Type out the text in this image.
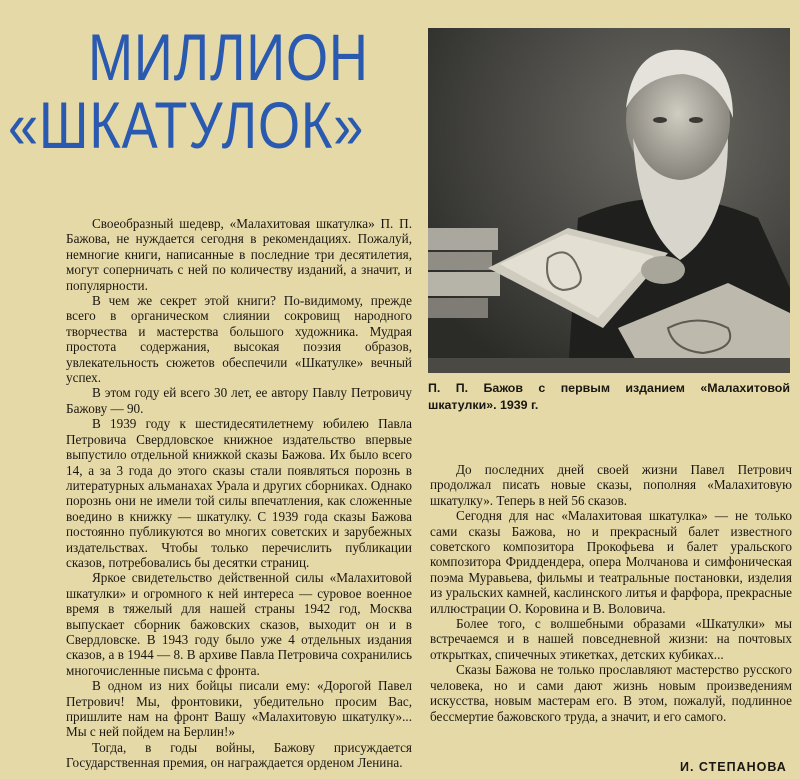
МИЛЛИОН
«ШКАТУЛОК»

П. П. Бажов с первым изданием «Малахитовой шкатулки». 1939 г.

Своеобразный шедевр, «Малахитовая шкатулка» П. П. Бажова, не нуждается сегодня в рекомендациях. Пожалуй, немногие книги, написанные в последние три десятилетия, могут соперничать с ней по количеству изданий, а значит, и популярности.

В чем же секрет этой книги? По-видимому, прежде всего в органическом слиянии сокровищ народного творчества и мастерства большого художника. Мудрая простота содержания, высокая поэзия образов, увлекательность сюжетов обеспечили «Шкатулке» вечный успех.

В этом году ей всего 30 лет, ее автору Павлу Петровичу Бажову — 90.

В 1939 году к шестидесятилетнему юбилею Павла Петровича Свердловское книжное издательство впервые выпустило отдельной книжкой сказы Бажова. Их было всего 14, а за 3 года до этого сказы стали появляться порознь в литературных альманахах Урала и других сборниках. Однако порознь они не имели той силы впечатления, как сложенные воедино в книжку — шкатулку. С 1939 года сказы Бажова постоянно публикуются во многих советских и зарубежных издательствах. Чтобы только перечислить публикации сказов, потребовались бы десятки страниц.

Яркое свидетельство действенной силы «Малахитовой шкатулки» и огромного к ней интереса — суровое военное время в тяжелый для нашей страны 1942 год, Москва выпускает сборник бажовских сказов, выходит он и в Свердловске. В 1943 году было уже 4 отдельных издания сказов, а в 1944 — 8. В архиве Павла Петровича сохранились многочисленные письма с фронта.

В одном из них бойцы писали ему: «Дорогой Павел Петрович! Мы, фронтовики, убедительно просим Вас, пришлите нам на фронт Вашу «Малахитовую шкатулку»... Мы с ней пойдем на Берлин!»

Тогда, в годы войны, Бажову присуждается Государственная премия, он награждается орденом Ленина.

До последних дней своей жизни Павел Петрович продолжал писать новые сказы, пополняя «Малахитовую шкатулку». Теперь в ней 56 сказов.

Сегодня для нас «Малахитовая шкатулка» — не только сами сказы Бажова, но и прекрасный балет известного советского композитора Прокофьева и балет уральского композитора Фриддендера, опера Молчанова и симфоническая поэма Муравьева, фильмы и театральные постановки, изделия из уральских камней, каслинского литья и фарфора, прекрасные иллюстрации О. Коровина и В. Воловича.

Более того, с волшебными образами «Шкатулки» мы встречаемся и в нашей повседневной жизни: на почтовых открытках, спичечных этикетках, детских кубиках...

Сказы Бажова не только прославляют мастерство русского человека, но и сами дают жизнь новым произведениям искусства, новым мастерам его. В этом, пожалуй, подлинное бессмертие бажовского труда, а значит, и его самого.

И. СТЕПАНОВА
